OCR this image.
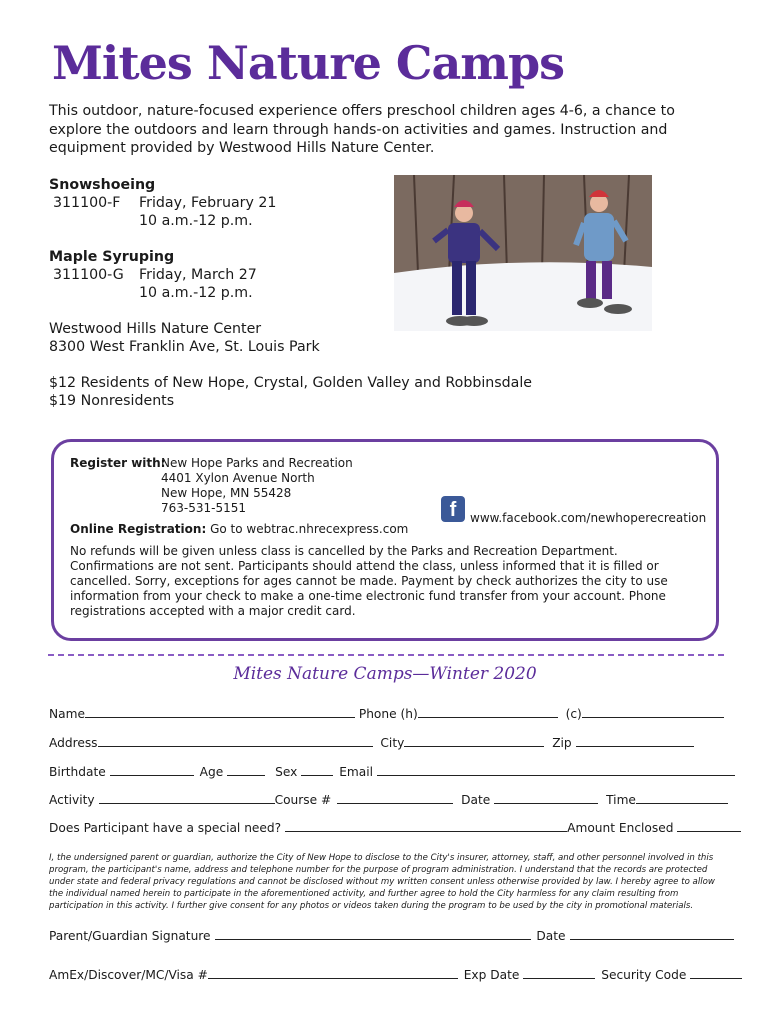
Mites Nature Camps
This outdoor, nature-focused experience offers preschool children ages 4-6, a chance to explore the outdoors and learn through hands-on activities and games. Instruction and equipment provided by Westwood Hills Nature Center.
Snowshoeing
311100-F Friday, February 21
10 a.m.-12 p.m.
Maple Syruping
311100-G Friday, March 27
10 a.m.-12 p.m.
Westwood Hills Nature Center
8300 West Franklin Ave, St. Louis Park
$12 Residents of New Hope, Crystal, Golden Valley and Robbinsdale
$19 Nonresidents
Register with:
New Hope Parks and Recreation
4401 Xylon Avenue North
New Hope, MN 55428
763-531-5151	f	www.facebook.com/newhoperecreation
Online Registration: Go to webtrac.nhrecexpress.com
No refunds will be given unless class is cancelled by the Parks and Recreation Department. Confirmations are not sent. Participants should attend the class, unless informed that it is filled or cancelled. Sorry, exceptions for ages cannot be made. Payment by check authorizes the city to use information from your check to make a one-time electronic fund transfer from your account. Phone registrations accepted with a major credit card.
Mites Nature Camps—Winter 2020
Name	Phone (h)	(c)
Address	City	Zip
Birthdate	Age	Sex	Email
Activity	Course #	Date	Time
Does Participant have a special need?	Amount Enclosed
I, the undersigned parent or guardian, authorize the City of New Hope to disclose to the City's insurer, attorney, staff, and other personnel involved in this program, the participant's name, address and telephone number for the purpose of program administration. I understand that the records are protected under state and federal privacy regulations and cannot be disclosed without my written consent unless otherwise provided by law. I hereby agree to allow the individual named herein to participate in the aforementioned activity, and further agree to hold the City harmless for any claim resulting from participation in this activity. I further give consent for any photos or videos taken during the program to be used by the city in promotional materials.
Parent/Guardian Signature	Date
AmEx/Discover/MC/Visa #	Exp Date	Security Code
